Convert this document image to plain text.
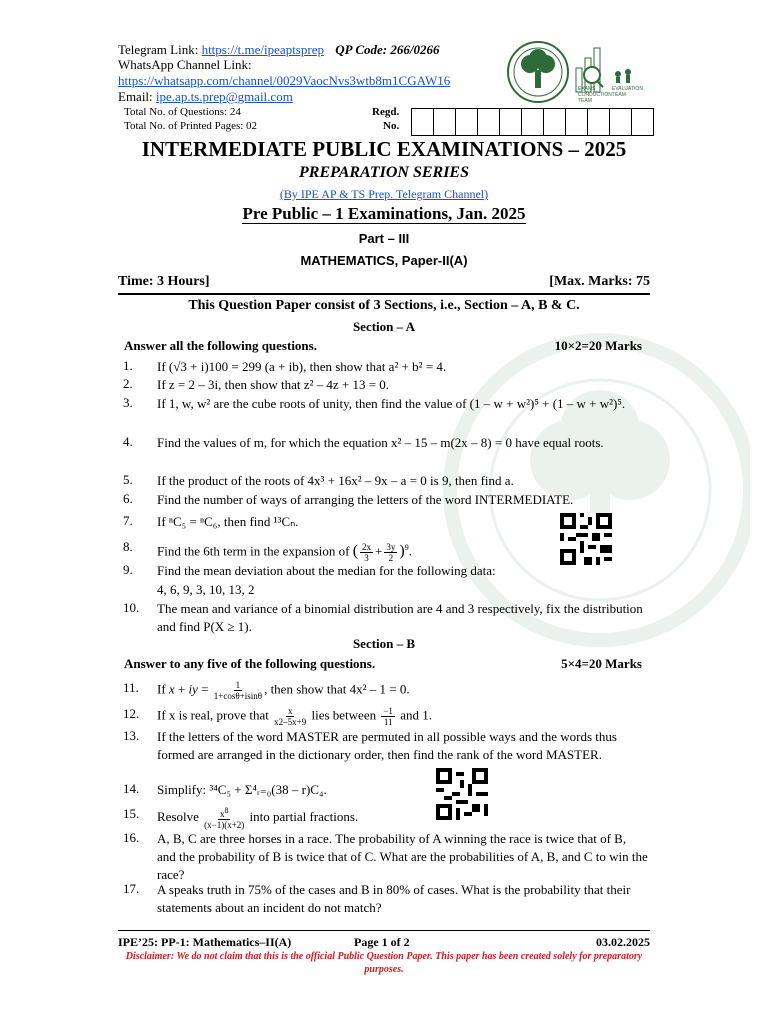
Telegram Link: https://t.me/ipeaptsprep QP Code: 266/0266
WhatsApp Channel Link:
https://whatsapp.com/channel/0029VaocNvs3wtb8m1CGAW16
Email: ipe.ap.ts.prep@gmail.com
Total No. of Questions: 24
Total No. of Printed Pages: 02
Regd.
No.
EXAMS CONDUCTION TEAM
EVALUATION TEAM
INTERMEDIATE PUBLIC EXAMINATIONS – 2025
PREPARATION SERIES
(By IPE AP & TS Prep. Telegram Channel)
Pre Public – 1 Examinations, Jan. 2025
Part – III
MATHEMATICS, Paper-II(A)
Time: 3 Hours]	[Max. Marks: 75
This Question Paper consist of 3 Sections, i.e., Section – A, B & C.
Section – A
Answer all the following questions.	10×2=20 Marks
1.	If (√3 + i)100 = 299 (a + ib), then show that a² + b² = 4.
2.	If z = 2 – 3i, then show that z² – 4z + 13 = 0.
3.	If 1, w, w² are the cube roots of unity, then find the value of (1 – w + w²)⁵ + (1 – w + w²)⁵.
4.	Find the values of m, for which the equation x² – 15 – m(2x – 8) = 0 have equal roots.
5.	If the product of the roots of 4x³ + 16x² – 9x – a = 0 is 9, then find a.
6.	Find the number of ways of arranging the letters of the word INTERMEDIATE.
7.	If ⁿC₅ = ⁿC₆, then find ¹³Cₙ.
8.	Find the 6th term in the expansion of ( $\frac{2x}{3} + \frac{3y}{2} )^9$.
9.	Find the mean deviation about the median for the following data:
4, 6, 9, 3, 10, 13, 2
10.	The mean and variance of a binomial distribution are 4 and 3 respectively, fix the distribution and find P(X ≥ 1).
Section – B
Answer to any five of the following questions.	5×4=20 Marks
11.	If x + iy = $\frac{1}{1+\cos\theta+isin\theta}$ , then show that 4x² – 1 = 0.
12.	If x is real, prove that $\frac{x}{x2-5x+9}$ lies between $\frac{-1}{11}$ and 1.
13.	If the letters of the word MASTER are permuted in all possible ways and the words thus formed are arranged in the dictionary order, then find the rank of the word MASTER.
14.	Simplify: ³⁴C₅ + Σ⁴ᵣ₌₀(38 – r)C₄.
15.	Resolve $\frac{x8}{(x-1)(x+2)}$ into partial fractions.
16.	A, B, C are three horses in a race. The probability of A winning the race is twice that of B, and the probability of B is twice that of C. What are the probabilities of A, B, and C to win the race?
17.	A speaks truth in 75% of the cases and B in 80% of cases. What is the probability that their statements about an incident do not match?
IPE’25: PP-1: Mathematics–II(A)	Page 1 of 2	03.02.2025
Disclaimer: We do not claim that this is the official Public Question Paper. This paper has been created solely for preparatory purposes.
